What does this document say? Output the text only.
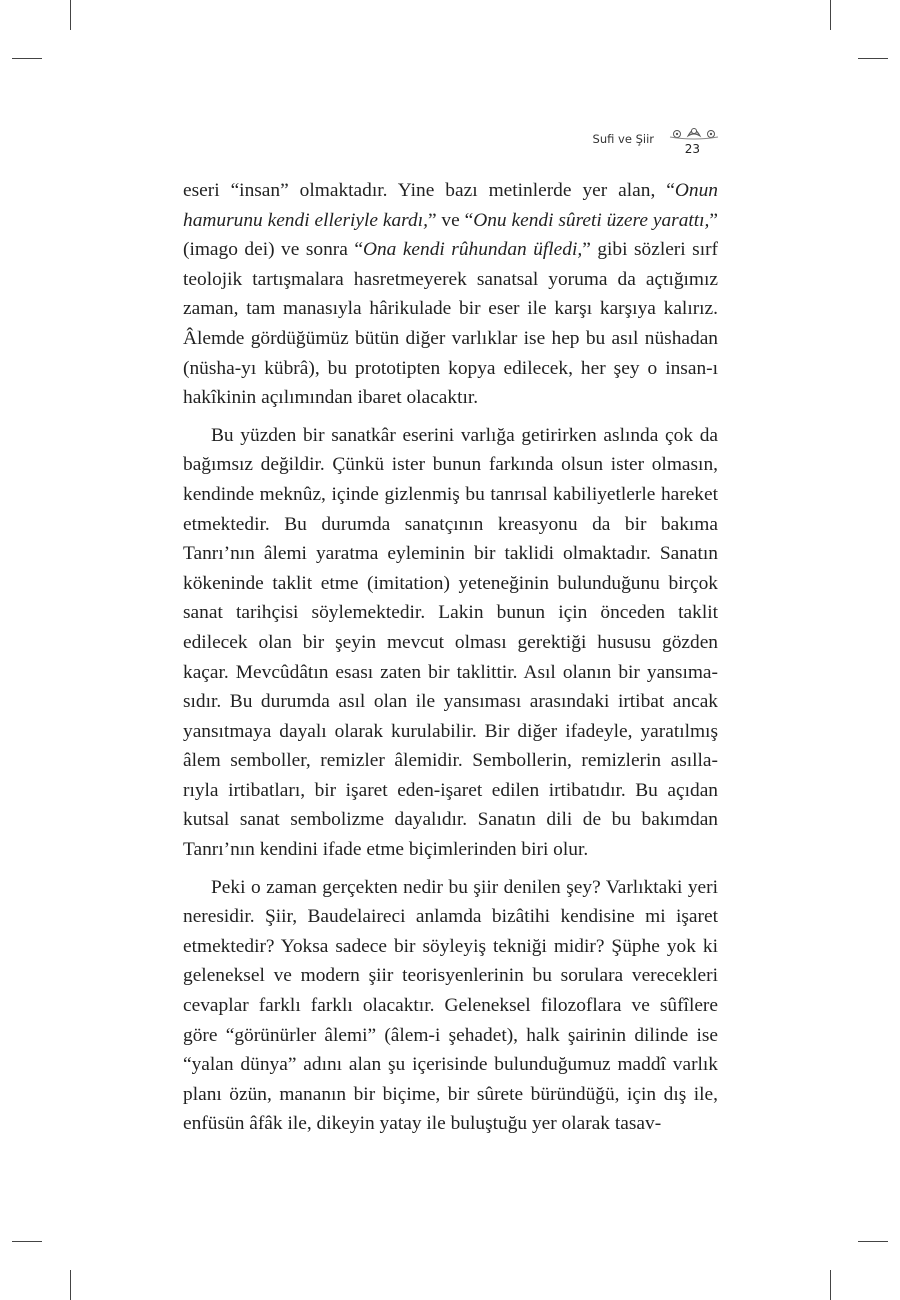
Sufi ve Şiir
23

eseri “insan” olmaktadır. Yine bazı metinlerde yer alan, “Onun hamurunu kendi elleriyle kardı,” ve “Onu kendi sûreti üzere yarattı,” (imago dei) ve sonra “Ona kendi rûhundan üfledi,” gibi sözleri sırf teolojik tartışmalara hasretmeyerek sanatsal yoruma da açtığımız zaman, tam manasıyla hârikulade bir eser ile karşı karşıya kalırız. Âlemde gördüğümüz bütün diğer varlıklar ise hep bu asıl nüshadan (nüsha-yı kübrâ), bu prototipten kopya edilecek, her şey o insan-ı hakîkinin açılımından ibaret olacaktır.

Bu yüzden bir sanatkâr eserini varlığa getirirken aslında çok da bağımsız değildir. Çünkü ister bunun farkında olsun ister olmasın, kendinde meknûz, içinde gizlenmiş bu tanrısal kabiliyetlerle hareket etmektedir. Bu durumda sanatçının kreasyonu da bir bakıma Tanrı’nın âlemi yaratma eyleminin bir taklidi olmaktadır. Sanatın kökeninde taklit etme (imitation) yeteneğinin bulunduğunu birçok sanat tarihçisi söylemektedir. Lakin bunun için önceden taklit edilecek olan bir şeyin mevcut olması gerektiği hususu gözden kaçar. Mevcûdâtın esası zaten bir taklittir. Asıl olanın bir yansımasıdır. Bu durumda asıl olan ile yansıması arasındaki irtibat ancak yansıtmaya dayalı olarak kurulabilir. Bir diğer ifadeyle, yaratılmış âlem semboller, remizler âlemidir. Sembollerin, remizlerin asıllarıyla irtibatları, bir işaret eden-işaret edilen irtibatıdır. Bu açıdan kutsal sanat sembolizme dayalıdır. Sanatın dili de bu bakımdan Tanrı’nın kendini ifade etme biçimlerinden biri olur.

Peki o zaman gerçekten nedir bu şiir denilen şey? Varlıktaki yeri neresidir. Şiir, Baudelaireci anlamda bizâtihi kendisine mi işaret etmektedir? Yoksa sadece bir söyleyiş tekniği midir? Şüphe yok ki geleneksel ve modern şiir teorisyenlerinin bu sorulara verecekleri cevaplar farklı farklı olacaktır. Geleneksel filozoflara ve sûfîlere göre “görünürler âlemi” (âlem-i şehadet), halk şairinin dilinde ise “yalan dünya” adını alan şu içerisinde bulunduğumuz maddî varlık planı özün, mananın bir biçime, bir sûrete büründüğü, için dış ile, enfüsün âfâk ile, dikeyin yatay ile buluştuğu yer olarak tasav-
